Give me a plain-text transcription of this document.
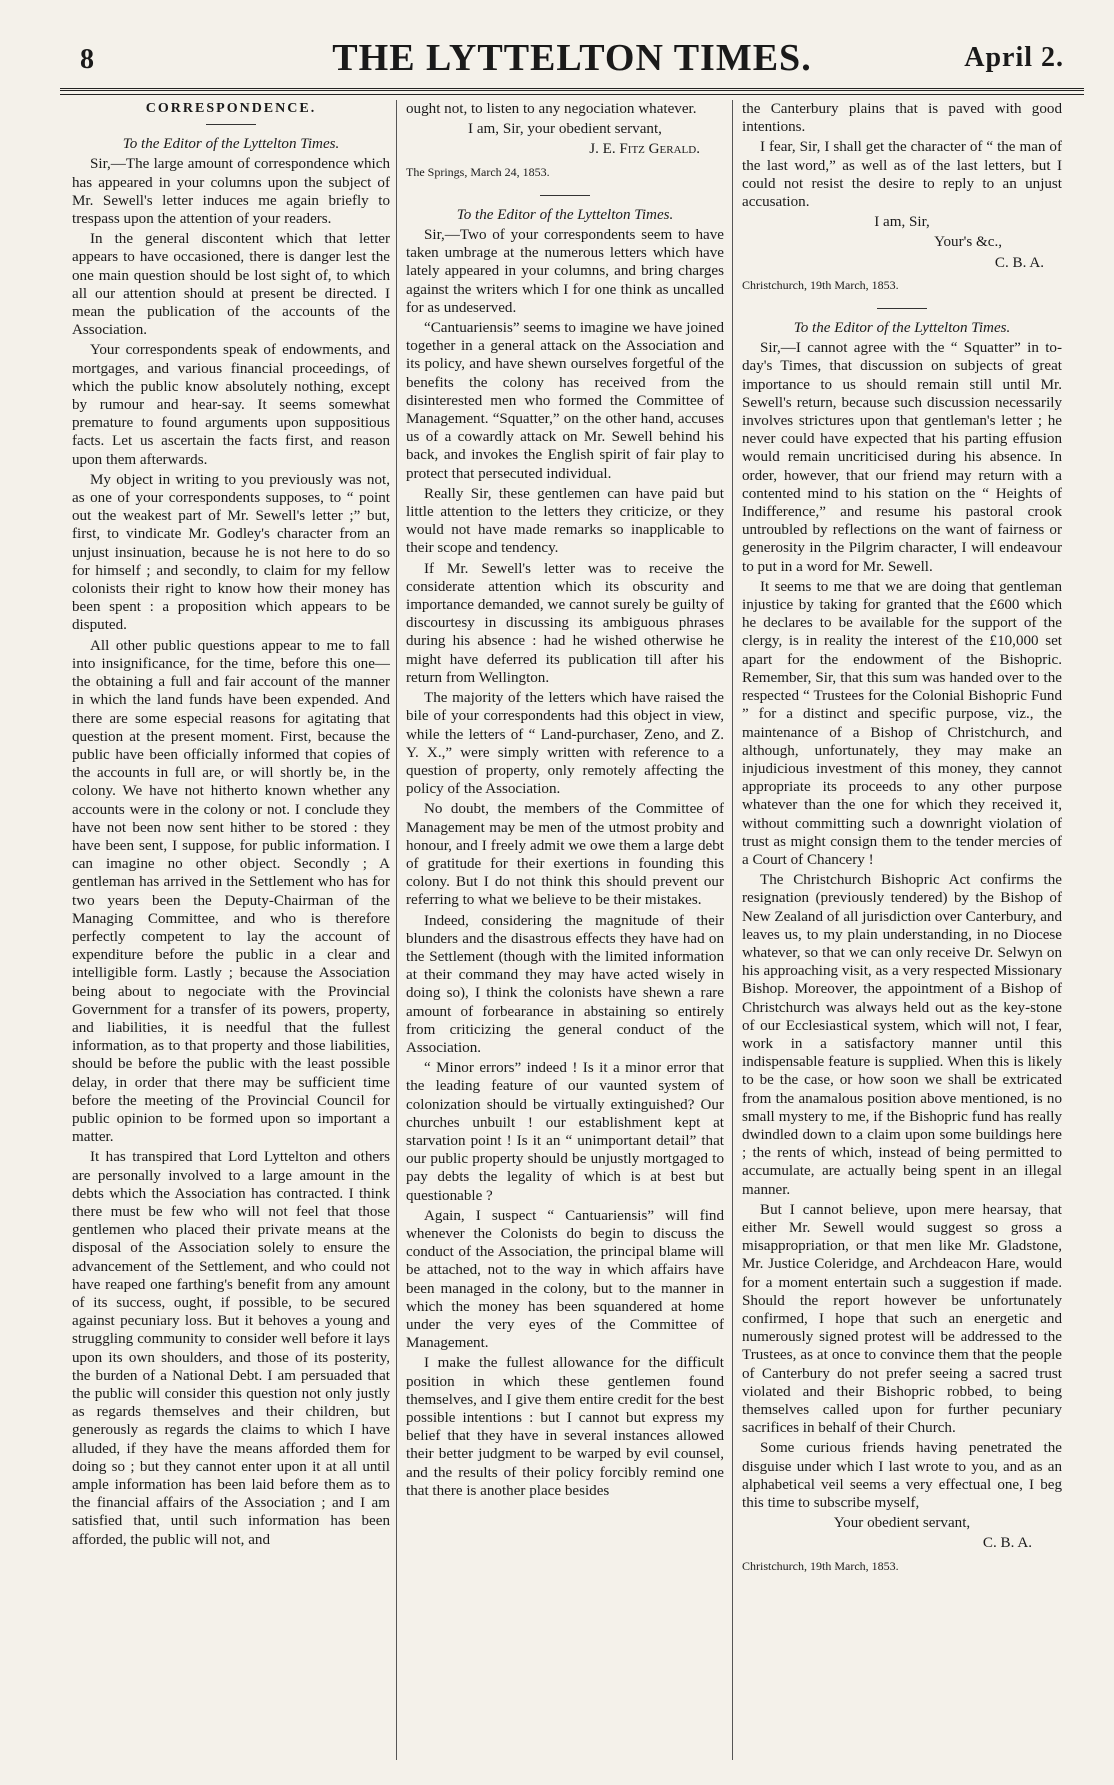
8	THE LYTTELTON TIMES.	April 2.

CORRESPONDENCE.

To the Editor of the Lyttelton Times.

Sir,—The large amount of correspondence which has appeared in your columns upon the subject of Mr. Sewell's letter induces me again briefly to trespass upon the attention of your readers.

In the general discontent which that letter appears to have occasioned, there is danger lest the one main question should be lost sight of, to which all our attention should at present be directed. I mean the publication of the accounts of the Association.

Your correspondents speak of endowments, and mortgages, and various financial proceedings, of which the public know absolutely nothing, except by rumour and hear-say. It seems somewhat premature to found arguments upon suppositious facts. Let us ascertain the facts first, and reason upon them afterwards.

My object in writing to you previously was not, as one of your correspondents supposes, to “ point out the weakest part of Mr. Sewell's letter ;” but, first, to vindicate Mr. Godley's character from an unjust insinuation, because he is not here to do so for himself ; and secondly, to claim for my fellow colonists their right to know how their money has been spent : a proposition which appears to be disputed.

All other public questions appear to me to fall into insignificance, for the time, before this one—the obtaining a full and fair account of the manner in which the land funds have been expended. And there are some especial reasons for agitating that question at the present moment. First, because the public have been officially informed that copies of the accounts in full are, or will shortly be, in the colony. We have not hitherto known whether any accounts were in the colony or not. I conclude they have not been now sent hither to be stored : they have been sent, I suppose, for public information. I can imagine no other object. Secondly ; A gentleman has arrived in the Settlement who has for two years been the Deputy-Chairman of the Managing Committee, and who is therefore perfectly competent to lay the account of expenditure before the public in a clear and intelligible form. Lastly ; because the Association being about to negociate with the Provincial Government for a transfer of its powers, property, and liabilities, it is needful that the fullest information, as to that property and those liabilities, should be before the public with the least possible delay, in order that there may be sufficient time before the meeting of the Provincial Council for public opinion to be formed upon so important a matter.

It has transpired that Lord Lyttelton and others are personally involved to a large amount in the debts which the Association has contracted. I think there must be few who will not feel that those gentlemen who placed their private means at the disposal of the Association solely to ensure the advancement of the Settlement, and who could not have reaped one farthing's benefit from any amount of its success, ought, if possible, to be secured against pecuniary loss. But it behoves a young and struggling community to consider well before it lays upon its own shoulders, and those of its posterity, the burden of a National Debt. I am persuaded that the public will consider this question not only justly as regards themselves and their children, but generously as regards the claims to which I have alluded, if they have the means afforded them for doing so ; but they cannot enter upon it at all until ample information has been laid before them as to the financial affairs of the Association ; and I am satisfied that, until such information has been afforded, the public will not, and

ought not, to listen to any negociation whatever.

I am, Sir, your obedient servant,

J. E. Fitz Gerald.

The Springs, March 24, 1853.

To the Editor of the Lyttelton Times.

Sir,—Two of your correspondents seem to have taken umbrage at the numerous letters which have lately appeared in your columns, and bring charges against the writers which I for one think as uncalled for as undeserved.

“Cantuariensis” seems to imagine we have joined together in a general attack on the Association and its policy, and have shewn ourselves forgetful of the benefits the colony has received from the disinterested men who formed the Committee of Management. “Squatter,” on the other hand, accuses us of a cowardly attack on Mr. Sewell behind his back, and invokes the English spirit of fair play to protect that persecuted individual.

Really Sir, these gentlemen can have paid but little attention to the letters they criticize, or they would not have made remarks so inapplicable to their scope and tendency.

If Mr. Sewell's letter was to receive the considerate attention which its obscurity and importance demanded, we cannot surely be guilty of discourtesy in discussing its ambiguous phrases during his absence : had he wished otherwise he might have deferred its publication till after his return from Wellington.

The majority of the letters which have raised the bile of your correspondents had this object in view, while the letters of “ Land-purchaser, Zeno, and Z. Y. X.,” were simply written with reference to a question of property, only remotely affecting the policy of the Association.

No doubt, the members of the Committee of Management may be men of the utmost probity and honour, and I freely admit we owe them a large debt of gratitude for their exertions in founding this colony. But I do not think this should prevent our referring to what we believe to be their mistakes.

Indeed, considering the magnitude of their blunders and the disastrous effects they have had on the Settlement (though with the limited information at their command they may have acted wisely in doing so), I think the colonists have shewn a rare amount of forbearance in abstaining so entirely from criticizing the general conduct of the Association.

“ Minor errors” indeed ! Is it a minor error that the leading feature of our vaunted system of colonization should be virtually extinguished? Our churches unbuilt ! our establishment kept at starvation point ! Is it an “ unimportant detail” that our public property should be unjustly mortgaged to pay debts the legality of which is at best but questionable ?

Again, I suspect “ Cantuariensis” will find whenever the Colonists do begin to discuss the conduct of the Association, the principal blame will be attached, not to the way in which affairs have been managed in the colony, but to the manner in which the money has been squandered at home under the very eyes of the Committee of Management.

I make the fullest allowance for the difficult position in which these gentlemen found themselves, and I give them entire credit for the best possible intentions : but I cannot but express my belief that they have in several instances allowed their better judgment to be warped by evil counsel, and the results of their policy forcibly remind one that there is another place besides

the Canterbury plains that is paved with good intentions.

I fear, Sir, I shall get the character of “ the man of the last word,” as well as of the last letters, but I could not resist the desire to reply to an unjust accusation.

I am, Sir,

Your's &c.,

C. B. A.

Christchurch, 19th March, 1853.

To the Editor of the Lyttelton Times.

Sir,—I cannot agree with the “ Squatter” in to-day's Times, that discussion on subjects of great importance to us should remain still until Mr. Sewell's return, because such discussion necessarily involves strictures upon that gentleman's letter ; he never could have expected that his parting effusion would remain uncriticised during his absence. In order, however, that our friend may return with a contented mind to his station on the “ Heights of Indifference,” and resume his pastoral crook untroubled by reflections on the want of fairness or generosity in the Pilgrim character, I will endeavour to put in a word for Mr. Sewell.

It seems to me that we are doing that gentleman injustice by taking for granted that the £600 which he declares to be available for the support of the clergy, is in reality the interest of the £10,000 set apart for the endowment of the Bishopric. Remember, Sir, that this sum was handed over to the respected “ Trustees for the Colonial Bishopric Fund ” for a distinct and specific purpose, viz., the maintenance of a Bishop of Christchurch, and although, unfortunately, they may make an injudicious investment of this money, they cannot appropriate its proceeds to any other purpose whatever than the one for which they received it, without committing such a downright violation of trust as might consign them to the tender mercies of a Court of Chancery !

The Christchurch Bishopric Act confirms the resignation (previously tendered) by the Bishop of New Zealand of all jurisdiction over Canterbury, and leaves us, to my plain understanding, in no Diocese whatever, so that we can only receive Dr. Selwyn on his approaching visit, as a very respected Missionary Bishop. Moreover, the appointment of a Bishop of Christchurch was always held out as the key-stone of our Ecclesiastical system, which will not, I fear, work in a satisfactory manner until this indispensable feature is supplied. When this is likely to be the case, or how soon we shall be extricated from the anamalous position above mentioned, is no small mystery to me, if the Bishopric fund has really dwindled down to a claim upon some buildings here ; the rents of which, instead of being permitted to accumulate, are actually being spent in an illegal manner.

But I cannot believe, upon mere hearsay, that either Mr. Sewell would suggest so gross a misappropriation, or that men like Mr. Gladstone, Mr. Justice Coleridge, and Archdeacon Hare, would for a moment entertain such a suggestion if made. Should the report however be unfortunately confirmed, I hope that such an energetic and numerously signed protest will be addressed to the Trustees, as at once to convince them that the people of Canterbury do not prefer seeing a sacred trust violated and their Bishopric robbed, to being themselves called upon for further pecuniary sacrifices in behalf of their Church.

Some curious friends having penetrated the disguise under which I last wrote to you, and as an alphabetical veil seems a very effectual one, I beg this time to subscribe myself,

Your obedient servant,

C. B. A.

Christchurch, 19th March, 1853.
